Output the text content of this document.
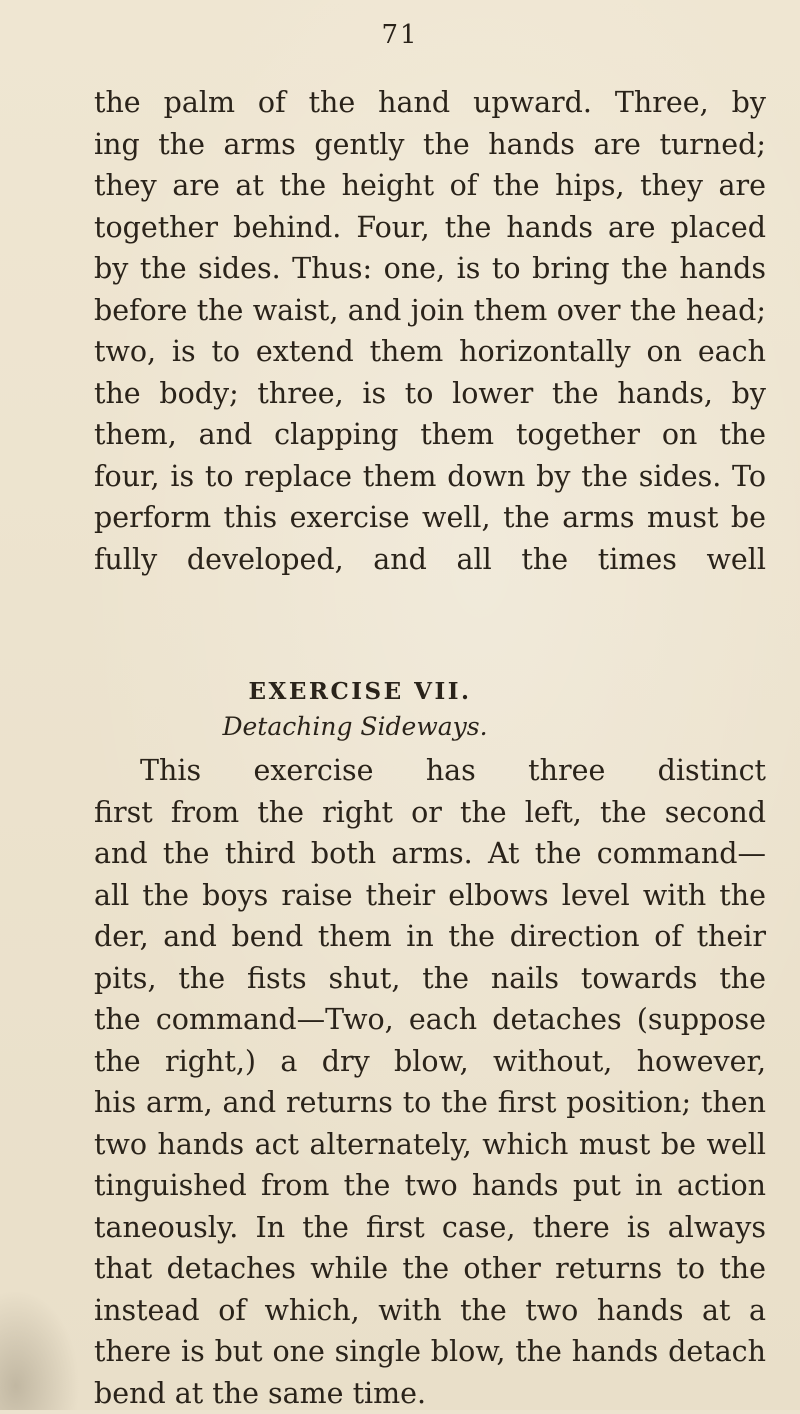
71
the palm of the hand upward. Three, by
ing the arms gently the hands are turned;
they are at the height of the hips, they are
together behind. Four, the hands are placed
by the sides. Thus: one, is to bring the hands
before the waist, and join them over the head;
two, is to extend them horizontally on each
the body; three, is to lower the hands, by
them, and clapping them together on the
four, is to replace them down by the sides. To
perform this exercise well, the arms must be
fully developed, and all the times well
EXERCISE VII.
Detaching Sideways.
This exercise has three distinct
first from the right or the left, the second
and the third both arms. At the command—
all the boys raise their elbows level with the
der, and bend them in the direction of their
pits, the fists shut, the nails towards the
the command—Two, each detaches (suppose
the right,) a dry blow, without, however,
his arm, and returns to the first position; then
two hands act alternately, which must be well
tinguished from the two hands put in action
taneously. In the first case, there is always
that detaches while the other returns to the
instead of which, with the two hands at a
there is but one single blow, the hands detach
bend at the same time.
